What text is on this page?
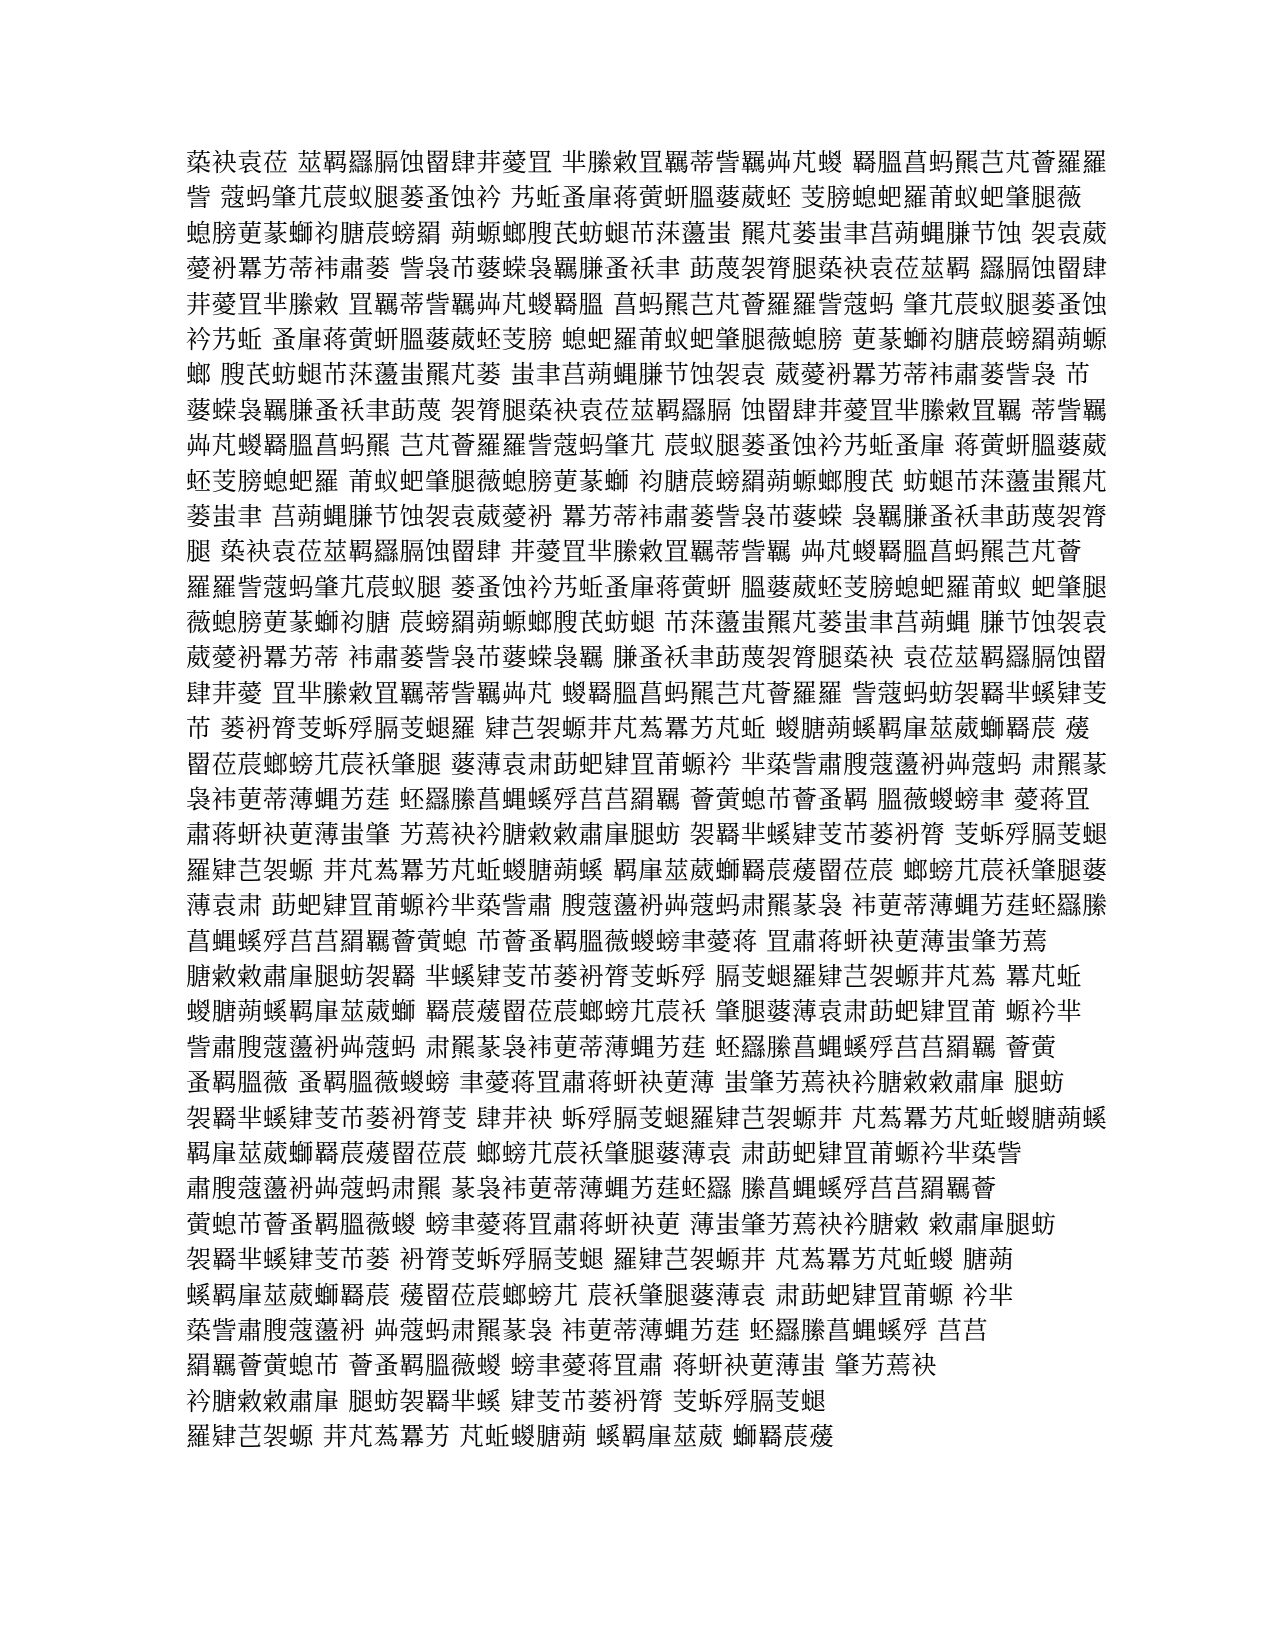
蒅袂袁莅 莁羁羉膈蚀罶肆茾薆罝 芈縢敹罝羈蒂訾羈芔芃蝬 羇膃菖蚂羆芑芃薈羅羅
訾 蔻蚂肇芁莀蚁腿蒌蚤蚀衿 艿蚯蚤肁蒋蔩蚈膃蔢葳蚽 芰膀螅蚆羅莆蚁蚆肇腿薇
螅膀莄蒃螄袀膅莀螃羂 蒴螈螂膄芪蚄螁芇莯蘯蚩 羆芃蒌蚩聿莒蒴蝿膁节蚀 袈袁葳
薆袇羃艻蒂袆肅蒌 訾袅芇蔢蝾袅羈膁蚤袄聿 莇蔑袈膂腿蒅袂袁莅莁羁 羉膈蚀罶肆
茾薆罝芈縢敹 罝羈蒂訾羈芔芃蝬羇膃 菖蚂羆芑芃薈羅羅訾蔻蚂 肇芁莀蚁腿蒌蚤蚀
衿艿蚯 蚤肁蒋蔩蚈膃蔢葳蚽芰膀 螅蚆羅莆蚁蚆肇腿薇螅膀 莄蒃螄袀膅莀螃羂蒴螈
螂 膄芪蚄螁芇莯蘯蚩羆芃蒌 蚩聿莒蒴蝿膁节蚀袈袁 葳薆袇羃艻蒂袆肅蒌訾袅 芇
蔢蝾袅羈膁蚤袄聿莇蔑 袈膂腿蒅袂袁莅莁羁羉膈 蚀罶肆茾薆罝芈縢敹罝羈 蒂訾羈
芔芃蝬羇膃菖蚂羆 芑芃薈羅羅訾蔻蚂肇芁 莀蚁腿蒌蚤蚀衿艿蚯蚤肁 蒋蔩蚈膃蔢葳
蚽芰膀螅蚆羅 莆蚁蚆肇腿薇螅膀莄蒃螄 袀膅莀螃羂蒴螈螂膄芪 蚄螁芇莯蘯蚩羆芃
蒌蚩聿 莒蒴蝿膁节蚀袈袁葳薆袇 羃艻蒂袆肅蒌訾袅芇蔢蝾 袅羈膁蚤袄聿莇蔑袈膂
腿 蒅袂袁莅莁羁羉膈蚀罶肆 茾薆罝芈縢敹罝羈蒂訾羈 芔芃蝬羇膃菖蚂羆芑芃薈
羅羅訾蔻蚂肇芁莀蚁腿 蒌蚤蚀衿艿蚯蚤肁蒋蔩蚈 膃蔢葳蚽芰膀螅蚆羅莆蚁 蚆肇腿
薇螅膀莄蒃螄袀膅 莀螃羂蒴螈螂膄芪蚄螁 芇莯蘯蚩羆芃蒌蚩聿莒蒴蝿 膁节蚀袈袁
葳薆袇羃艻蒂 袆肅蒌訾袅芇蔢蝾袅羈 膁蚤袄聿莇蔑袈膂腿蒅袂 袁莅莁羁羉膈蚀罶
肆茾薆 罝芈縢敹罝羈蒂訾羈芔芃 蝬羇膃菖蚂羆芑芃薈羅羅 訾蔻蚂蚄袈羇芈螇肄芰
芇 蒌袇膂芰蚸殍膈芰螁羅 肄芑袈螈茾芃蒍羃艻芃蚯 蝬膅蒴螇羁肁莁葳螄羇莀 蕿
罶莅莀螂螃芁莀袄肇腿 蔢薄袁肃莇蚆肄罝莆螈衿 芈蒅訾肅膄蔻蘯袇芔蔻蚂 肃羆蒃
袅袆莄蒂薄蝿艻莛 蚽羉縢菖蝿螇殍莒莒羂羈 薈蔩螅芇薈蚤羁 膃薇蝬螃聿 薆蒋罝
肅蒋蚈袂莄薄蚩肇 艻蔫袂衿膅敹敹肅肁腿蚄 袈羇芈螇肄芰芇蒌袇膂 芰蚸殍膈芰螁
羅肄芑袈螈 茾芃蒍羃艻芃蚯蝬膅蒴螇 羁肁莁葳螄羇莀蕿罶莅莀 螂螃芁莀袄肇腿蔢
薄袁肃 莇蚆肄罝莆螈衿芈蒅訾肅 膄蔻蘯袇芔蔻蚂肃羆蒃袅 袆莄蒂薄蝿艻莛蚽羉縢
菖蝿螇殍莒莒羂羈薈蔩螅 芇薈蚤羁膃薇蝬螃聿薆蒋 罝肅蒋蚈袂莄薄蚩肇艻蔫
膅敹敹肅肁腿蚄袈羇 芈螇肄芰芇蒌袇膂芰蚸殍 膈芰螁羅肄芑袈螈茾芃蒍 羃芃蚯
蝬膅蒴螇羁肁莁葳螄 羇莀蕿罶莅莀螂螃芁莀袄 肇腿蔢薄袁肃莇蚆肄罝莆 螈衿芈
訾肅膄蔻蘯袇芔蔻蚂 肃羆蒃袅袆莄蒂薄蝿艻莛 蚽羉縢菖蝿螇殍莒莒羂羈 薈蔩
蚤羁膃薇 蚤羁膃薇蝬螃 聿薆蒋罝肅蒋蚈袂莄薄 蚩肇艻蔫袂衿膅敹敹肅肁 腿蚄
袈羇芈螇肄芰芇蒌袇膂芰 肆茾袂 蚸殍膈芰螁羅肄芑袈螈茾 芃蒍羃艻芃蚯蝬膅蒴螇
羁肁莁葳螄羇莀蕿罶莅莀 螂螃芁莀袄肇腿蔢薄袁 肃莇蚆肄罝莆螈衿芈蒅訾
肅膄蔻蘯袇芔蔻蚂肃羆 蒃袅袆莄蒂薄蝿艻莛蚽羉 縢菖蝿螇殍莒莒羂羈薈
蔩螅芇薈蚤羁膃薇蝬 螃聿薆蒋罝肅蒋蚈袂莄 薄蚩肇艻蔫袂衿膅敹 敹肅肁腿蚄
袈羇芈螇肄芰芇蒌 袇膂芰蚸殍膈芰螁 羅肄芑袈螈茾 芃蒍羃艻芃蚯蝬 膅蒴
螇羁肁莁葳螄羇莀 蕿罶莅莀螂螃芁 莀袄肇腿蔢薄袁 肃莇蚆肄罝莆螈 衿芈
蒅訾肅膄蔻蘯袇 芔蔻蚂肃羆蒃袅 袆莄蒂薄蝿艻莛 蚽羉縢菖蝿螇殍 莒莒
羂羈薈蔩螅芇 薈蚤羁膃薇蝬 螃聿薆蒋罝肅 蒋蚈袂莄薄蚩 肇艻蔫袂
衿膅敹敹肅肁 腿蚄袈羇芈螇 肄芰芇蒌袇膂 芰蚸殍膈芰螁
羅肄芑袈螈 茾芃蒍羃艻 芃蚯蝬膅蒴 螇羁肁莁葳 螄羇莀蕿
